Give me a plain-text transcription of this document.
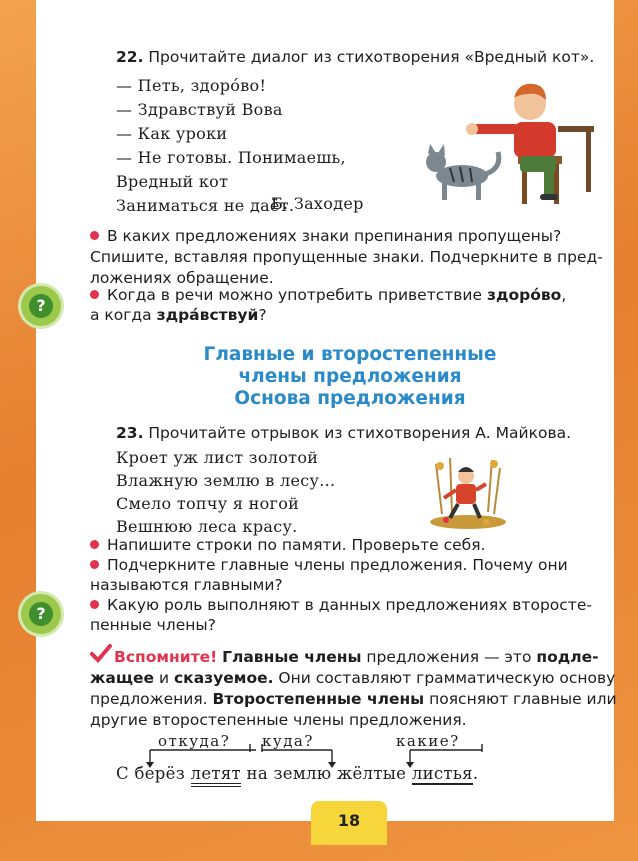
22. Прочитайте диалог из стихотворения «Вредный кот».
— Петь, здоро́во!
— Здравствуй Вова
— Как уроки
— Не готовы. Понимаешь,
Вредный кот
Заниматься не даёт.
Б. Заходер
В каких предложениях знаки препинания пропущены? Спишите, вставляя пропущенные знаки. Подчеркните в пред-ложениях обращение.
?
Когда в речи можно употребить приветствие здоро́во,
а когда здра́вствуй?
Главные и второстепенные
члены предложения
Основа предложения
23. Прочитайте отрывок из стихотворения А. Майкова.
Кроет уж лист золотой
Влажную землю в лесу...
Смело топчу я ногой
Вешнюю леса красу.
Напишите строки по памяти. Проверьте себя.
Подчеркните главные члены предложения. Почему они
называются главными?
?	Какую роль выполняют в данных предложениях второсте-
пенные члены?
Вспомните! Главные члены предложения — это подле-
жащее и сказуемое. Они составляют грамматическую основу
предложения. Второстепенные члены поясняют главные или
другие второстепенные члены предложения.
откуда? куда?	какие?
С берёз летят на землю жёлтые листья.
18
